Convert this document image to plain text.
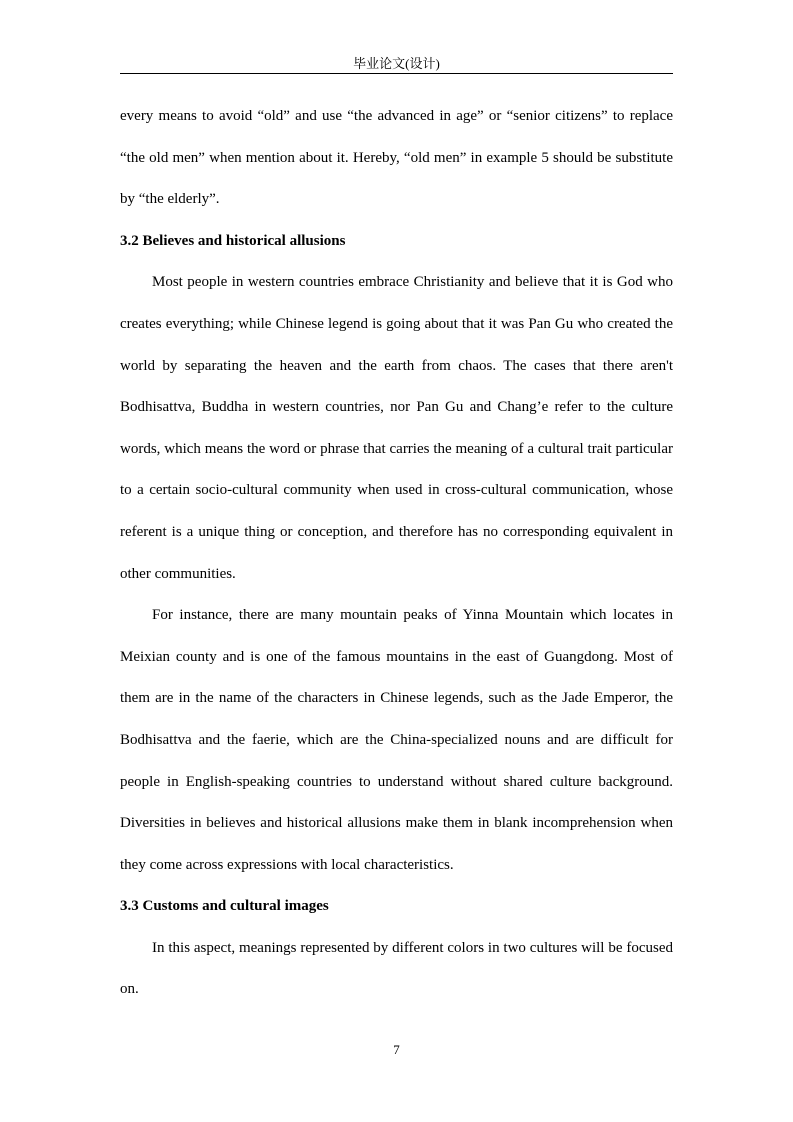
毕业论文(设计)

every means to avoid “old” and use “the advanced in age” or “senior citizens” to replace “the old men” when mention about it. Hereby, “old men” in example 5 should be substitute by “the elderly”.

3.2 Believes and historical allusions

Most people in western countries embrace Christianity and believe that it is God who creates everything; while Chinese legend is going about that it was Pan Gu who created the world by separating the heaven and the earth from chaos. The cases that there aren't Bodhisattva, Buddha in western countries, nor Pan Gu and Chang’e refer to the culture words, which means the word or phrase that carries the meaning of a cultural trait particular to a certain socio-cultural community when used in cross-cultural communication, whose referent is a unique thing or conception, and therefore has no corresponding equivalent in other communities.

For instance, there are many mountain peaks of Yinna Mountain which locates in Meixian county and is one of the famous mountains in the east of Guangdong. Most of them are in the name of the characters in Chinese legends, such as the Jade Emperor, the Bodhisattva and the faerie, which are the China-specialized nouns and are difficult for people in English-speaking countries to understand without shared culture background. Diversities in believes and historical allusions make them in blank incomprehension when they come across expressions with local characteristics.

3.3 Customs and cultural images

In this aspect, meanings represented by different colors in two cultures will be focused on.

7
